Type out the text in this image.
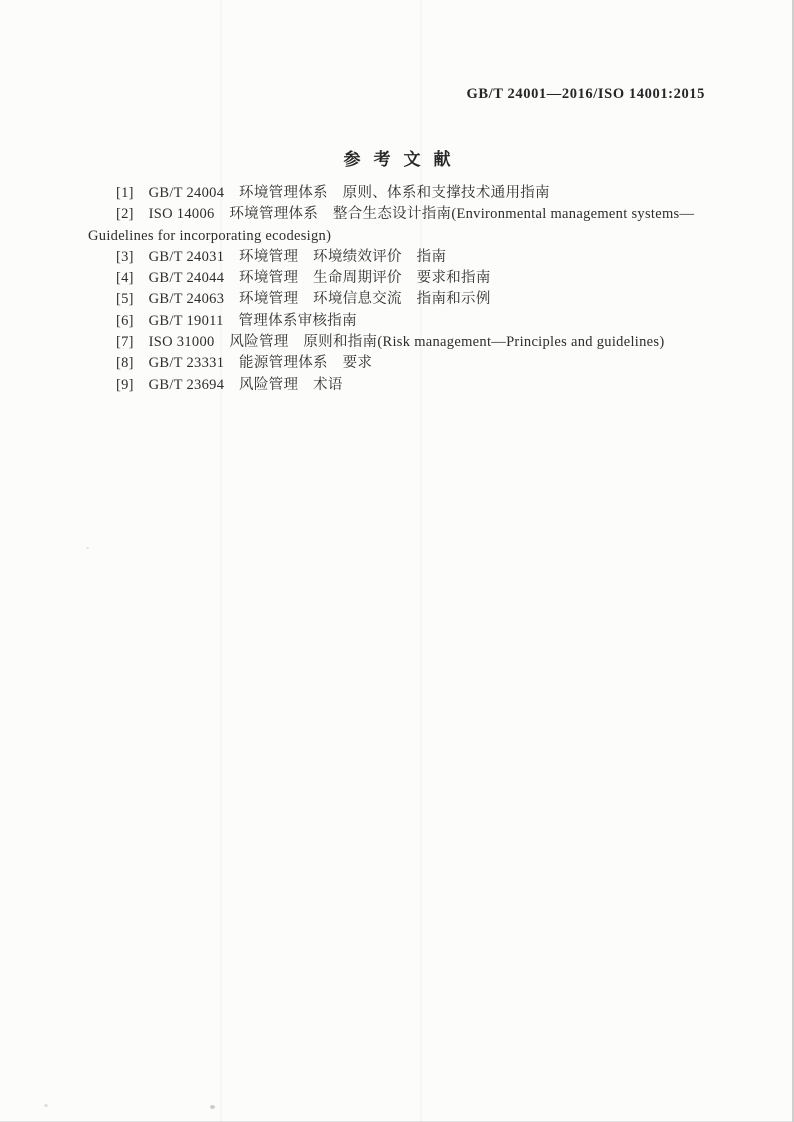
GB/T 24001—2016/ISO 14001:2015
参考文献
[1]　GB/T 24004　环境管理体系　原则、体系和支撑技术通用指南
[2]　ISO 14006　环境管理体系　整合生态设计指南(Environmental management systems—
Guidelines for incorporating ecodesign)
[3]　GB/T 24031　环境管理　环境绩效评价　指南
[4]　GB/T 24044　环境管理　生命周期评价　要求和指南
[5]　GB/T 24063　环境管理　环境信息交流　指南和示例
[6]　GB/T 19011　管理体系审核指南
[7]　ISO 31000　风险管理　原则和指南(Risk management—Principles and guidelines)
[8]　GB/T 23331　能源管理体系　要求
[9]　GB/T 23694　风险管理　术语
